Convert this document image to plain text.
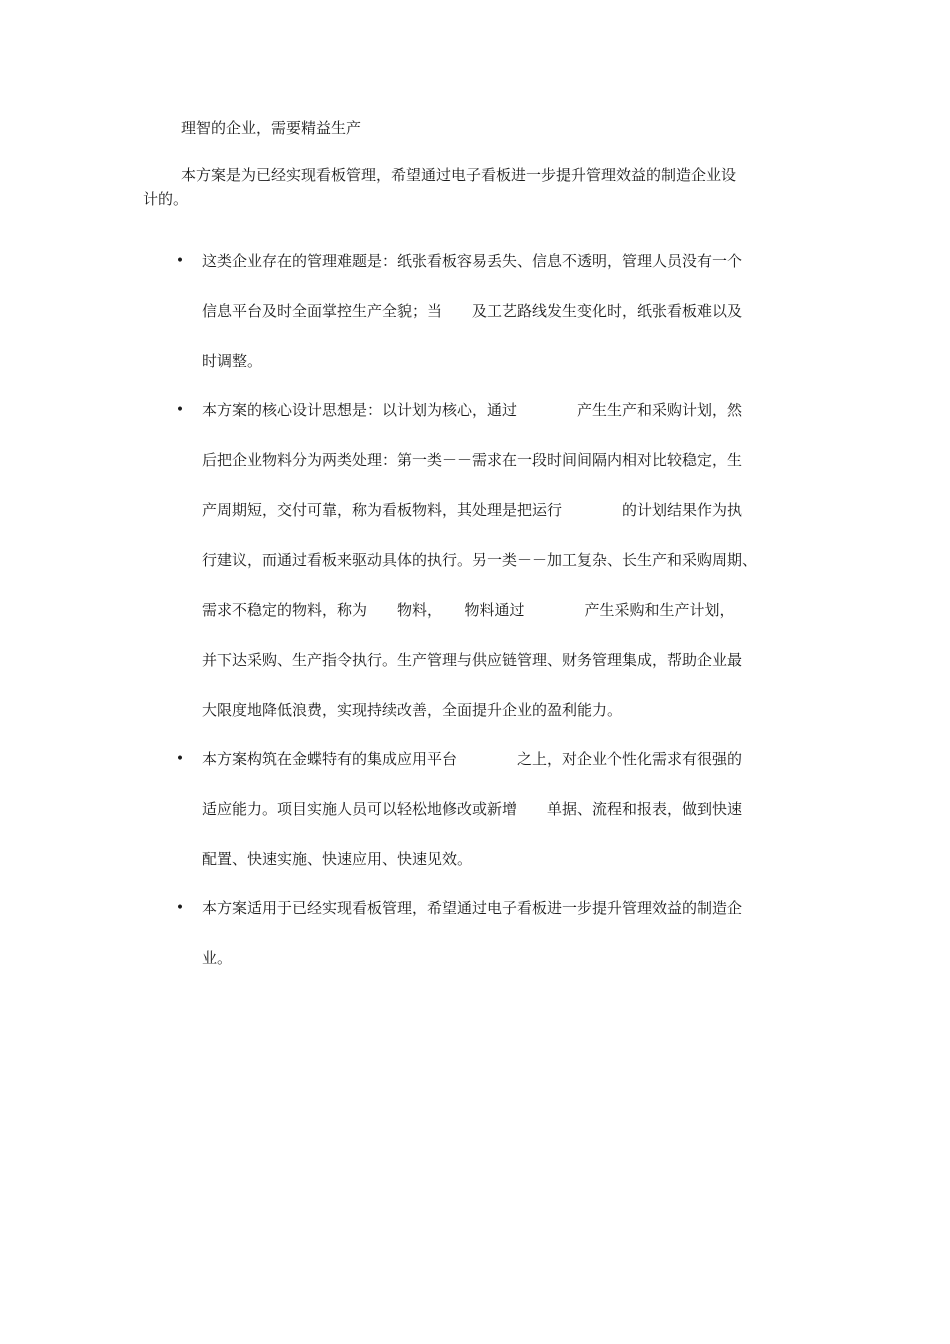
理智的企业，需要精益生产

本方案是为已经实现看板管理，希望通过电子看板进一步提升管理效益的制造企业设
计的。

•	这类企业存在的管理难题是：纸张看板容易丢失、信息不透明，管理人员没有一个
信息平台及时全面掌控生产全貌；当　　及工艺路线发生变化时，纸张看板难以及
时调整。
•	本方案的核心设计思想是：以计划为核心，通过　　　　产生生产和采购计划，然
后把企业物料分为两类处理：第一类－－需求在一段时间间隔内相对比较稳定，生
产周期短，交付可靠，称为看板物料，其处理是把运行　　　　的计划结果作为执
行建议，而通过看板来驱动具体的执行。另一类－－加工复杂、长生产和采购周期、
需求不稳定的物料，称为　　物料，　　物料通过　　　　产生采购和生产计划，
并下达采购、生产指令执行。生产管理与供应链管理、财务管理集成，帮助企业最
大限度地降低浪费，实现持续改善，全面提升企业的盈利能力。
•	本方案构筑在金蝶特有的集成应用平台　　　　之上，对企业个性化需求有很强的
适应能力。项目实施人员可以轻松地修改或新增　　单据、流程和报表，做到快速
配置、快速实施、快速应用、快速见效。
•	本方案适用于已经实现看板管理，希望通过电子看板进一步提升管理效益的制造企
业。
